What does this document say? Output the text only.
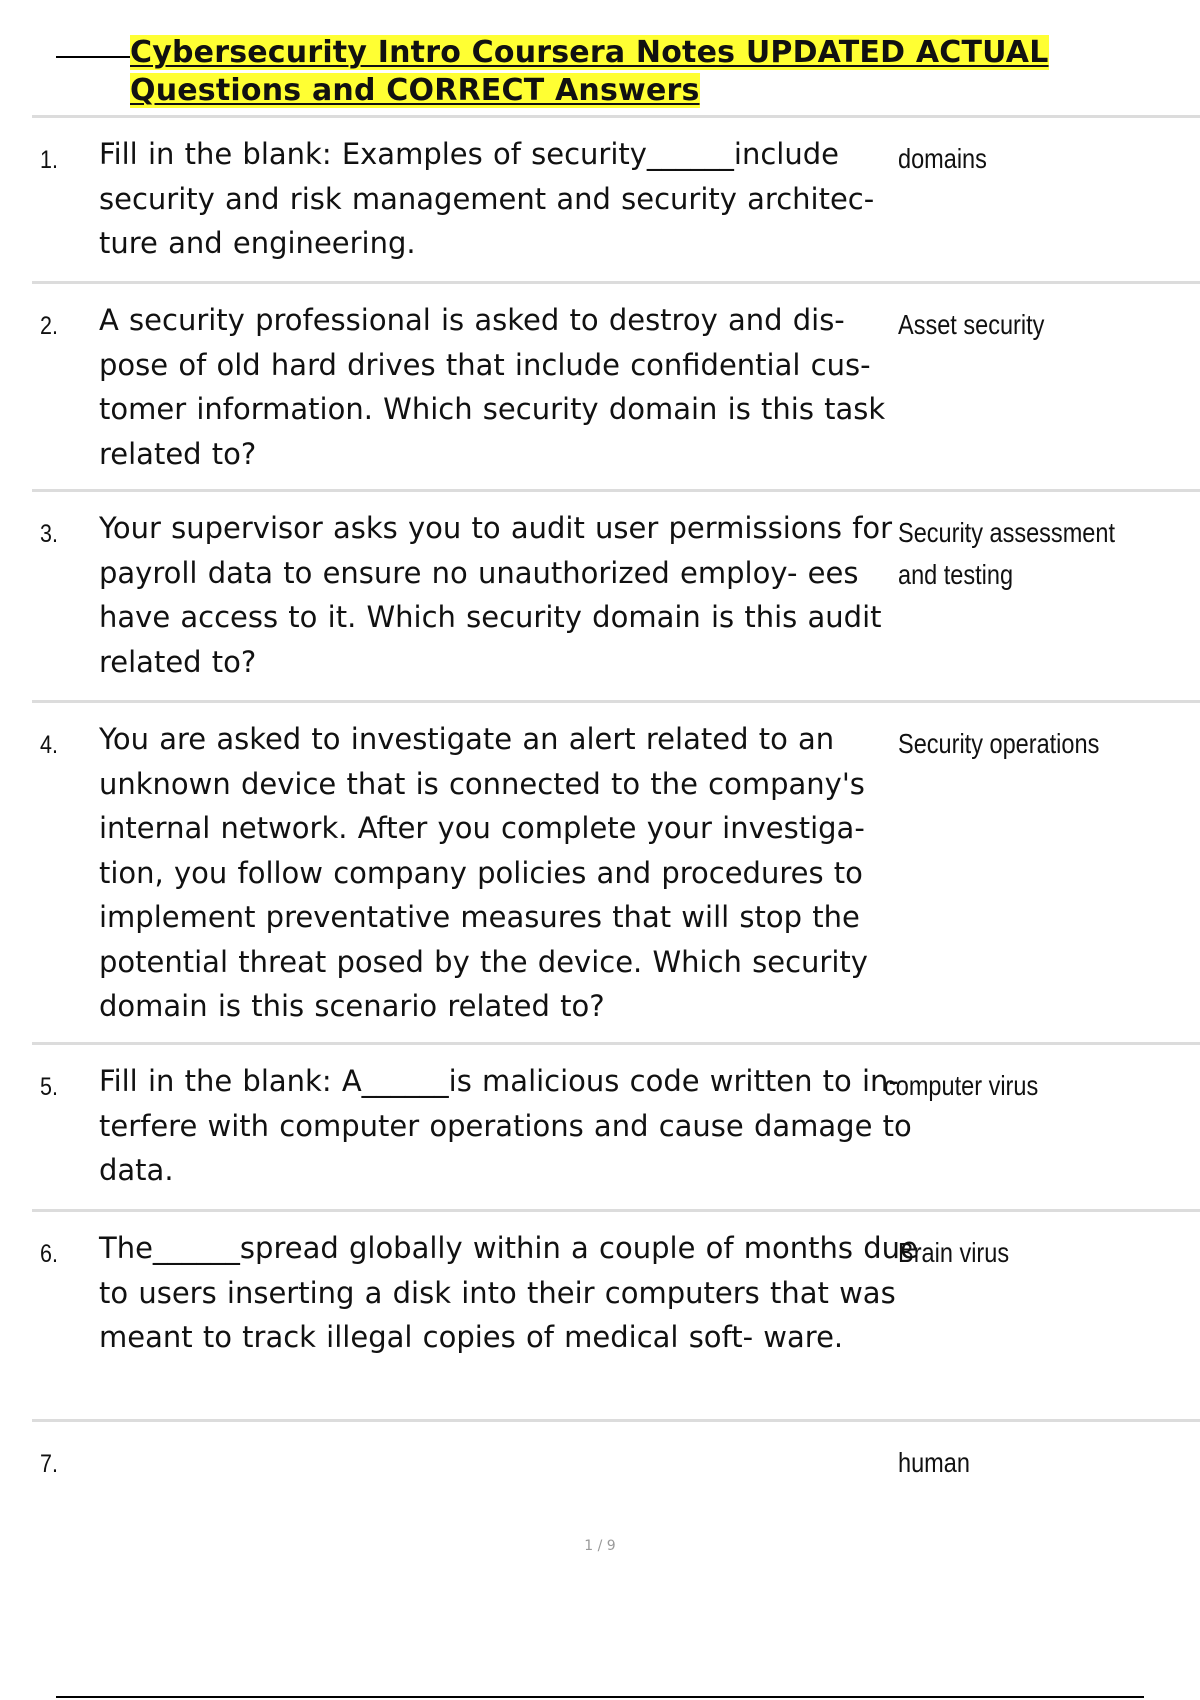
Cybersecurity Intro Coursera Notes UPDATED ACTUAL Questions and CORRECT Answers
1. Fill in the blank: Examples of security______include security and risk management and security architec- ture and engineering.
domains
2. A security professional is asked to destroy and dis- pose of old hard drives that include confidential cus- tomer information. Which security domain is this task related to?
Asset security
3. Your supervisor asks you to audit user permissions for payroll data to ensure no unauthorized employ- ees have access to it. Which security domain is this audit related to?
Security assessment and testing
4. You are asked to investigate an alert related to an unknown device that is connected to the company's internal network. After you complete your investiga- tion, you follow company policies and procedures to implement preventative measures that will stop the potential threat posed by the device. Which security domain is this scenario related to?
Security operations
5. Fill in the blank: A______is malicious code written to in- terfere with computer operations and cause damage to data.
computer virus
6. The______spread globally within a couple of months due to users inserting a disk into their computers that was meant to track illegal copies of medical soft- ware.
Brain virus
7.	human
1 / 9
